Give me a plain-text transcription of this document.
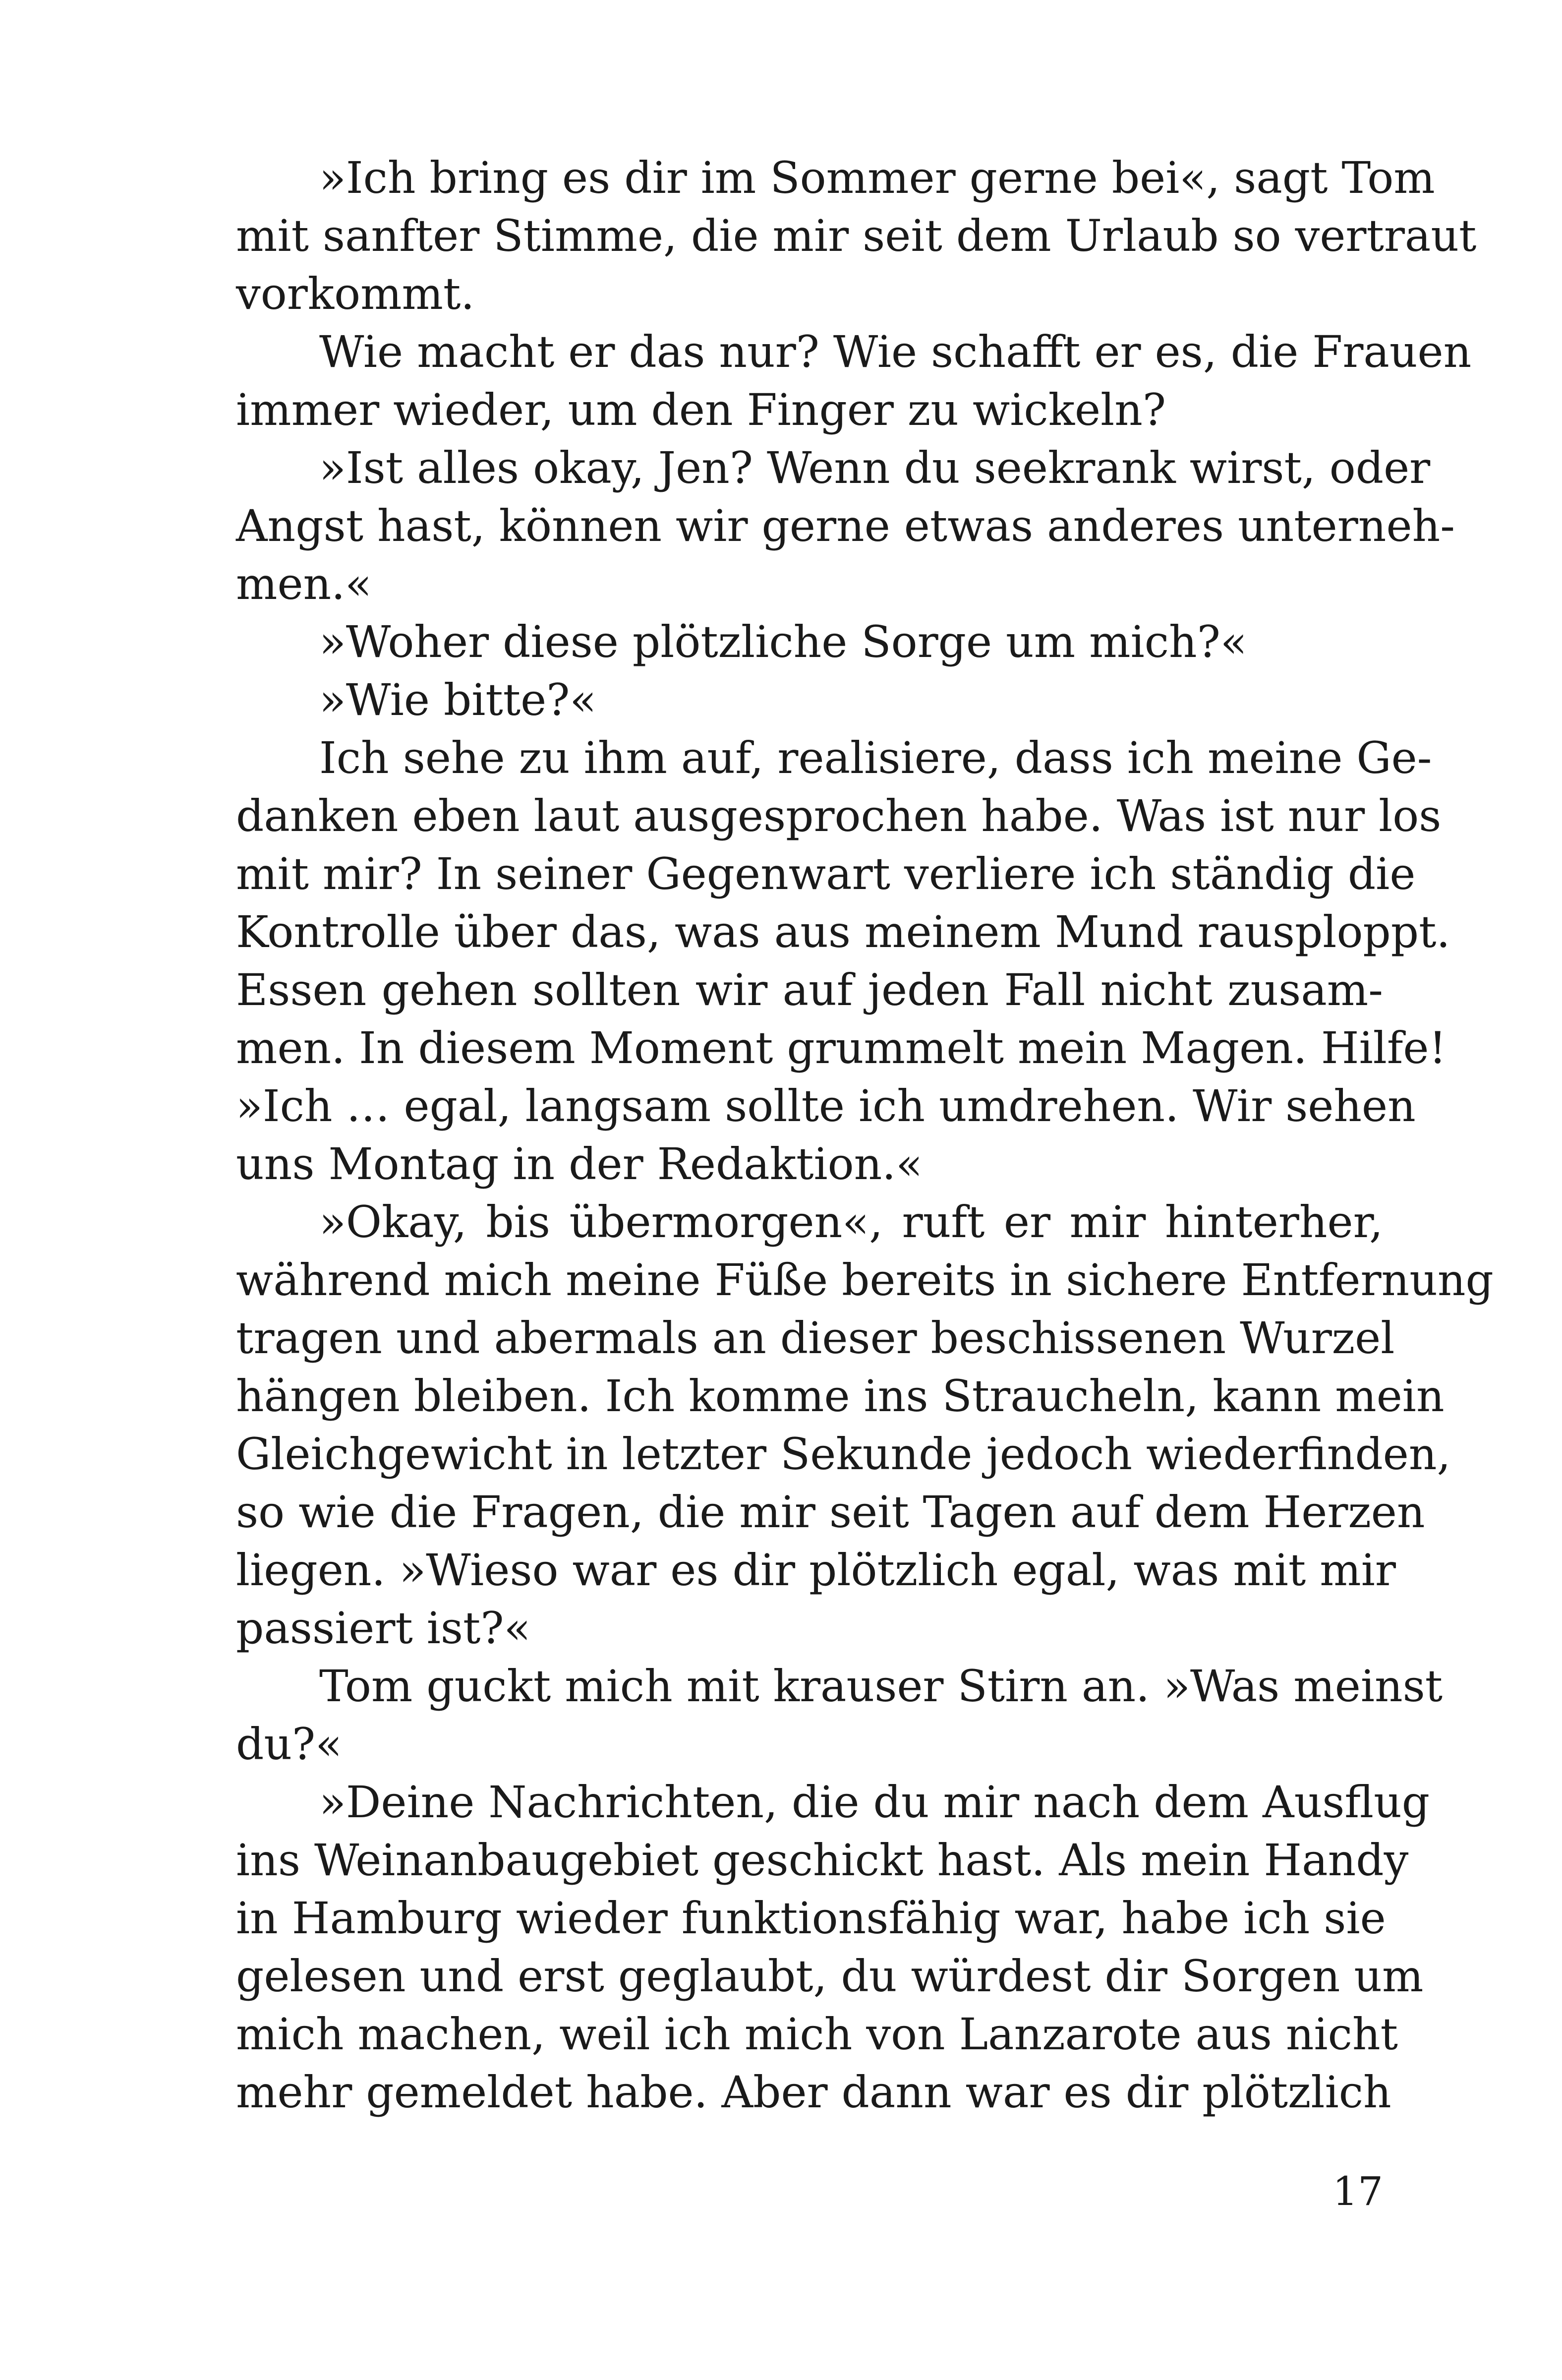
»Ich bring es dir im Sommer gerne bei«, sagt Tom
mit sanfter Stimme, die mir seit dem Urlaub so vertraut
vorkommt.
Wie macht er das nur? Wie schafft er es, die Frauen
immer wieder, um den Finger zu wickeln?
»Ist alles okay, Jen? Wenn du seekrank wirst, oder
Angst hast, können wir gerne etwas anderes unterneh-
men.«
»Woher diese plötzliche Sorge um mich?«
»Wie bitte?«
Ich sehe zu ihm auf, realisiere, dass ich meine Ge-
danken eben laut ausgesprochen habe. Was ist nur los
mit mir? In seiner Gegenwart verliere ich ständig die
Kontrolle über das, was aus meinem Mund rausploppt.
Essen gehen sollten wir auf jeden Fall nicht zusam-
men. In diesem Moment grummelt mein Magen. Hilfe!
»Ich … egal, langsam sollte ich umdrehen. Wir sehen
uns Montag in der Redaktion.«
»Okay, bis übermorgen«, ruft er mir hinterher,
während mich meine Füße bereits in sichere Entfernung
tragen und abermals an dieser beschissenen Wurzel
hängen bleiben. Ich komme ins Straucheln, kann mein
Gleichgewicht in letzter Sekunde jedoch wiederfinden,
so wie die Fragen, die mir seit Tagen auf dem Herzen
liegen. »Wieso war es dir plötzlich egal, was mit mir
passiert ist?«
Tom guckt mich mit krauser Stirn an. »Was meinst
du?«
»Deine Nachrichten, die du mir nach dem Ausflug
ins Weinanbaugebiet geschickt hast. Als mein Handy
in Hamburg wieder funktionsfähig war, habe ich sie
gelesen und erst geglaubt, du würdest dir Sorgen um
mich machen, weil ich mich von Lanzarote aus nicht
mehr gemeldet habe. Aber dann war es dir plötzlich
17
